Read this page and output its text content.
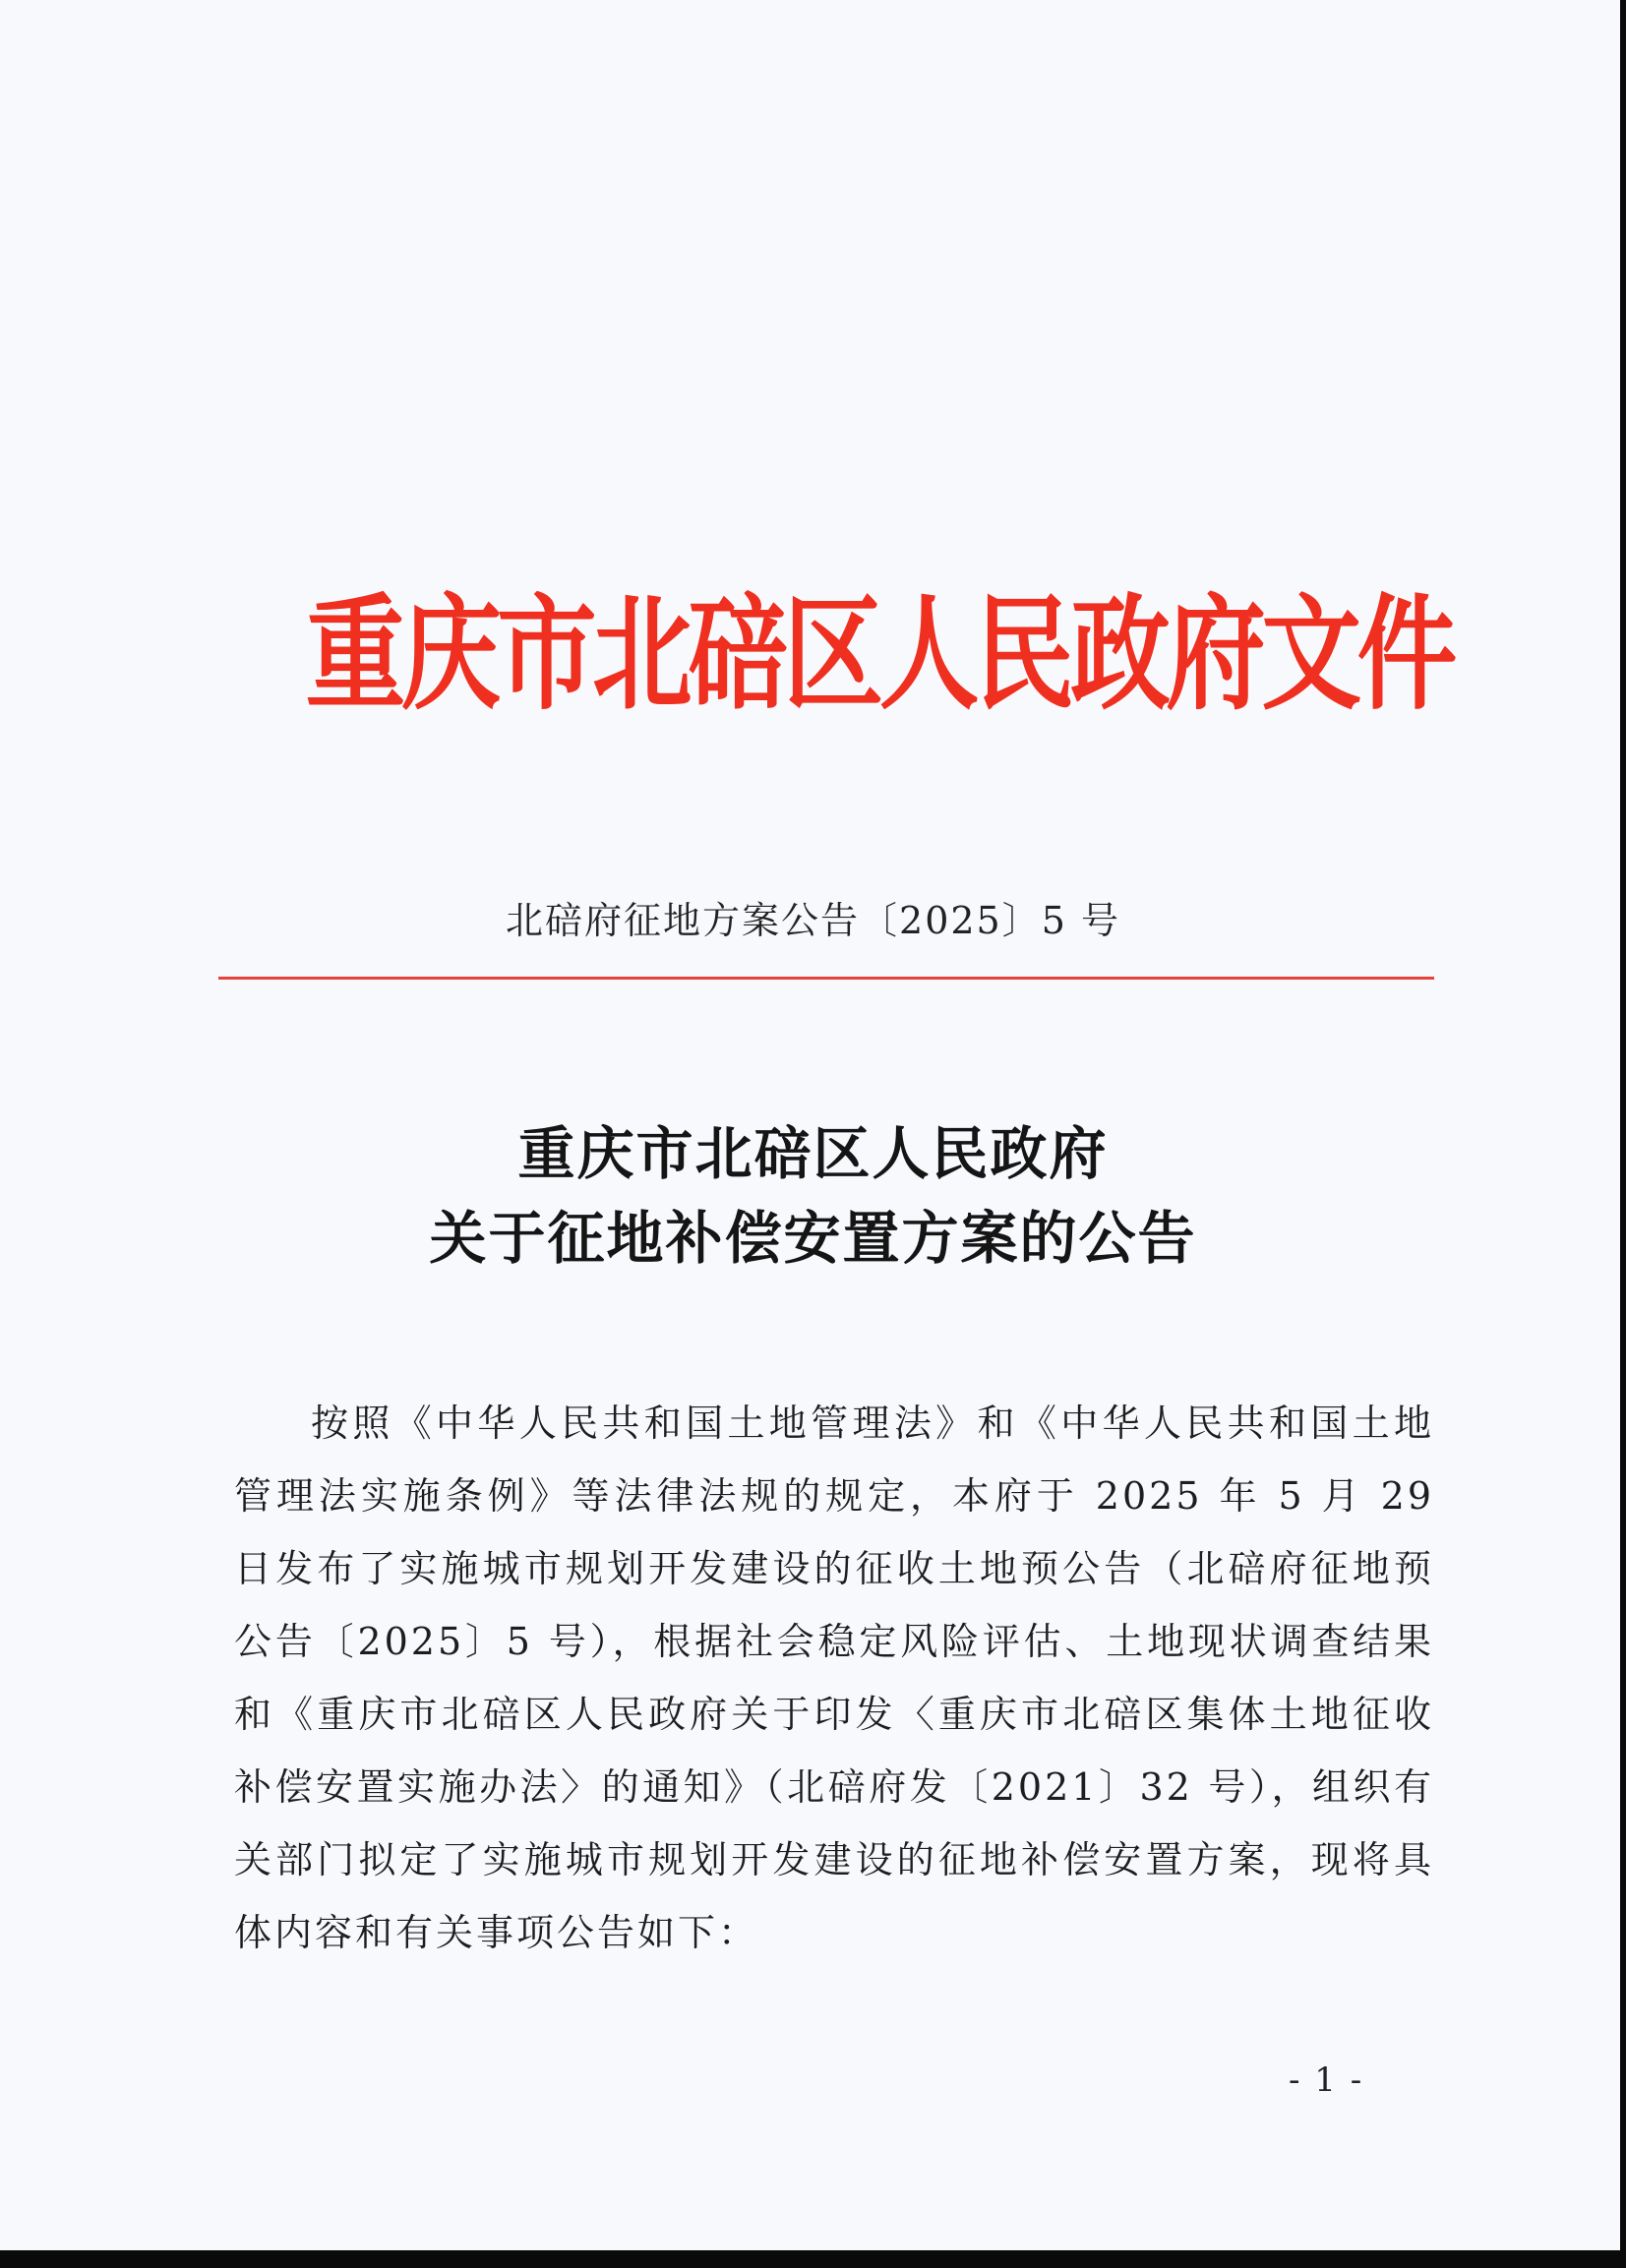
重庆市北碚区人民政府文件
北碚府征地方案公告〔2025〕5 号
重庆市北碚区人民政府
关于征地补偿安置方案的公告
按照《中华人民共和国土地管理法》和《中华人民共和国土地管理法实施条例》等法律法规的规定，本府于 2025 年 5 月 29 日发布了实施城市规划开发建设的征收土地预公告（北碚府征地预公告〔2025〕5 号），根据社会稳定风险评估、土地现状调查结果和《重庆市北碚区人民政府关于印发〈重庆市北碚区集体土地征收补偿安置实施办法〉的通知》（北碚府发〔2021〕32 号），组织有关部门拟定了实施城市规划开发建设的征地补偿安置方案，现将具体内容和有关事项公告如下：
- 1 -
